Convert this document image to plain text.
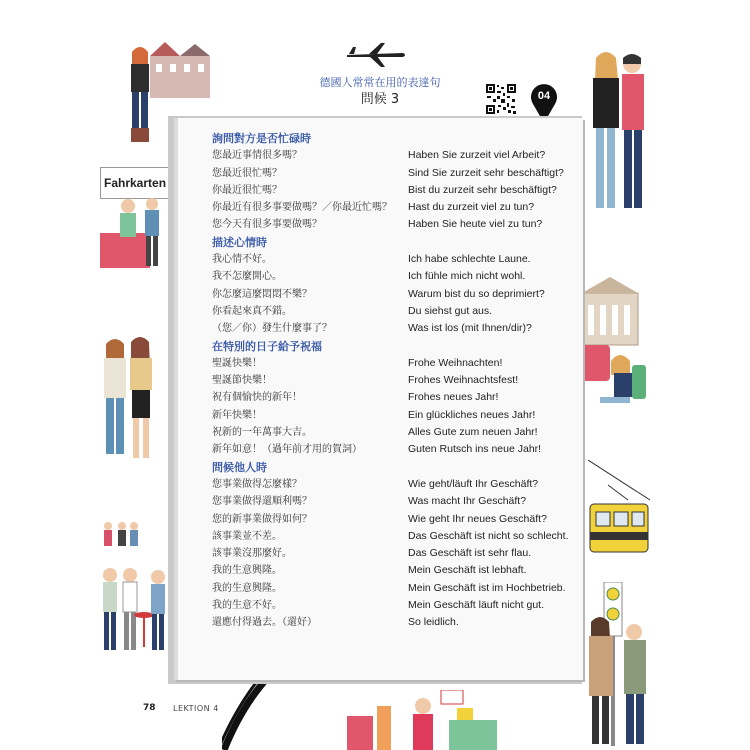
Fahrkarten
德國人常常在用的表達句
問候 3	04
詢問對方是否忙碌時
您最近事情很多嗎？	Haben Sie zurzeit viel Arbeit?
您最近很忙嗎？	Sind Sie zurzeit sehr beschäftigt?
你最近很忙嗎？	Bist du zurzeit sehr beschäftigt?
你最近有很多事要做嗎？／你最近忙嗎？ Hast du zurzeit viel zu tun?
您今天有很多事要做嗎？	Haben Sie heute viel zu tun?
描述心情時
我心情不好。	Ich habe schlechte Laune.
我不怎麼開心。	Ich fühle mich nicht wohl.
你怎麼這麼悶悶不樂？	Warum bist du so deprimiert?
你看起來真不錯。	Du siehst gut aus.
（您／你）發生什麼事了？	Was ist los (mit Ihnen/dir)?
在特別的日子給予祝福
聖誕快樂！	Frohe Weihnachten!
聖誕節快樂！	Frohes Weihnachtsfest!
祝有個愉快的新年！	Frohes neues Jahr!
新年快樂！	Ein glückliches neues Jahr!
祝新的一年萬事大吉。	Alles Gute zum neuen Jahr!
新年如意！（過年前才用的賀詞）	Guten Rutsch ins neue Jahr!
問候他人時
您事業做得怎麼樣？	Wie geht/läuft Ihr Geschäft?
您事業做得還順利嗎？	Was macht Ihr Geschäft?
您的新事業做得如何？	Wie geht Ihr neues Geschäft?
該事業並不差。	Das Geschäft ist nicht so schlecht.
該事業沒那麼好。	Das Geschäft ist sehr flau.
我的生意興隆。	Mein Geschäft ist lebhaft.
我的生意興隆。	Mein Geschäft ist im Hochbetrieb.
我的生意不好。	Mein Geschäft läuft nicht gut.
還應付得過去。（還好）	So leidlich.
78 LEKTION 4
